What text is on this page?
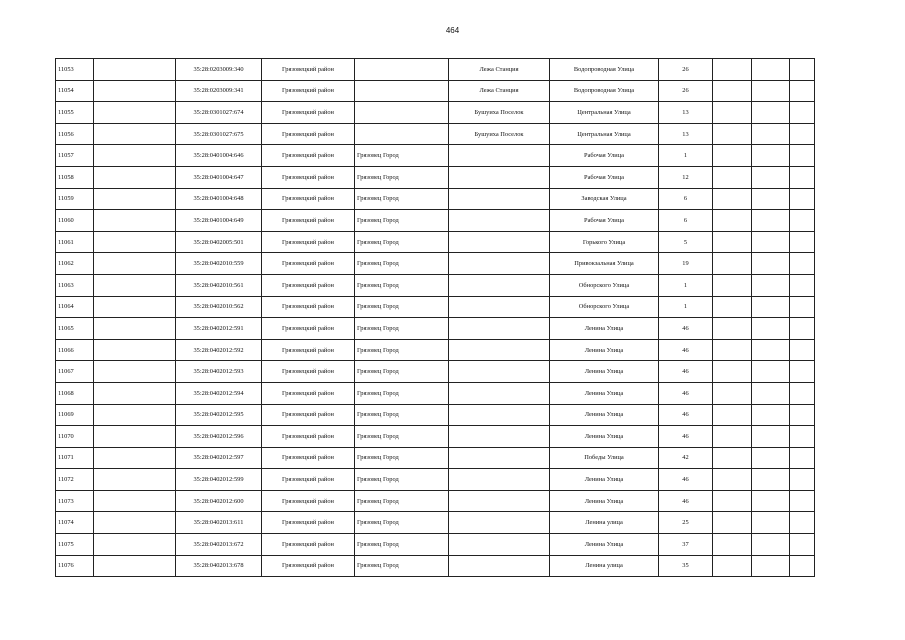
464
11053		35:28:0203009:340	Грязовецкий район		Лежа Станция	Водопроводная Улица	26			
11054		35:28:0203009:341	Грязовецкий район		Лежа Станция	Водопроводная Улица	26			
11055		35:28:0301027:674	Грязовецкий район		Бушуиха Поселок	Центральная Улица	13			
11056		35:28:0301027:675	Грязовецкий район		Бушуиха Поселок	Центральная Улица	13			
11057		35:28:0401004:646	Грязовецкий район	Грязовец Город		Рабочая Улица	1			
11058		35:28:0401004:647	Грязовецкий район	Грязовец Город		Рабочая Улица	12			
11059		35:28:0401004:648	Грязовецкий район	Грязовец Город		Заводская Улица	6			
11060		35:28:0401004:649	Грязовецкий район	Грязовец Город		Рабочая Улица	6			
11061		35:28:0402005:501	Грязовецкий район	Грязовец Город		Горького Улица	5			
11062		35:28:0402010:559	Грязовецкий район	Грязовец Город		Привокзальная Улица	19			
11063		35:28:0402010:561	Грязовецкий район	Грязовец Город		Обнорского Улица	1			
11064		35:28:0402010:562	Грязовецкий район	Грязовец Город		Обнорского Улица	1			
11065		35:28:0402012:591	Грязовецкий район	Грязовец Город		Ленина Улица	46			
11066		35:28:0402012:592	Грязовецкий район	Грязовец Город		Ленина Улица	46			
11067		35:28:0402012:593	Грязовецкий район	Грязовец Город		Ленина Улица	46			
11068		35:28:0402012:594	Грязовецкий район	Грязовец Город		Ленина Улица	46			
11069		35:28:0402012:595	Грязовецкий район	Грязовец Город		Ленина Улица	46			
11070		35:28:0402012:596	Грязовецкий район	Грязовец Город		Ленина Улица	46			
11071		35:28:0402012:597	Грязовецкий район	Грязовец Город		Победы Улица	42			
11072		35:28:0402012:599	Грязовецкий район	Грязовец Город		Ленина Улица	46			
11073		35:28:0402012:600	Грязовецкий район	Грязовец Город		Ленина Улица	46			
11074		35:28:0402013:611	Грязовецкий район	Грязовец Город		Ленина улица	25			
11075		35:28:0402013:672	Грязовецкий район	Грязовец Город		Ленина Улица	37			
11076		35:28:0402013:678	Грязовецкий район	Грязовец Город		Ленина улица	35			
